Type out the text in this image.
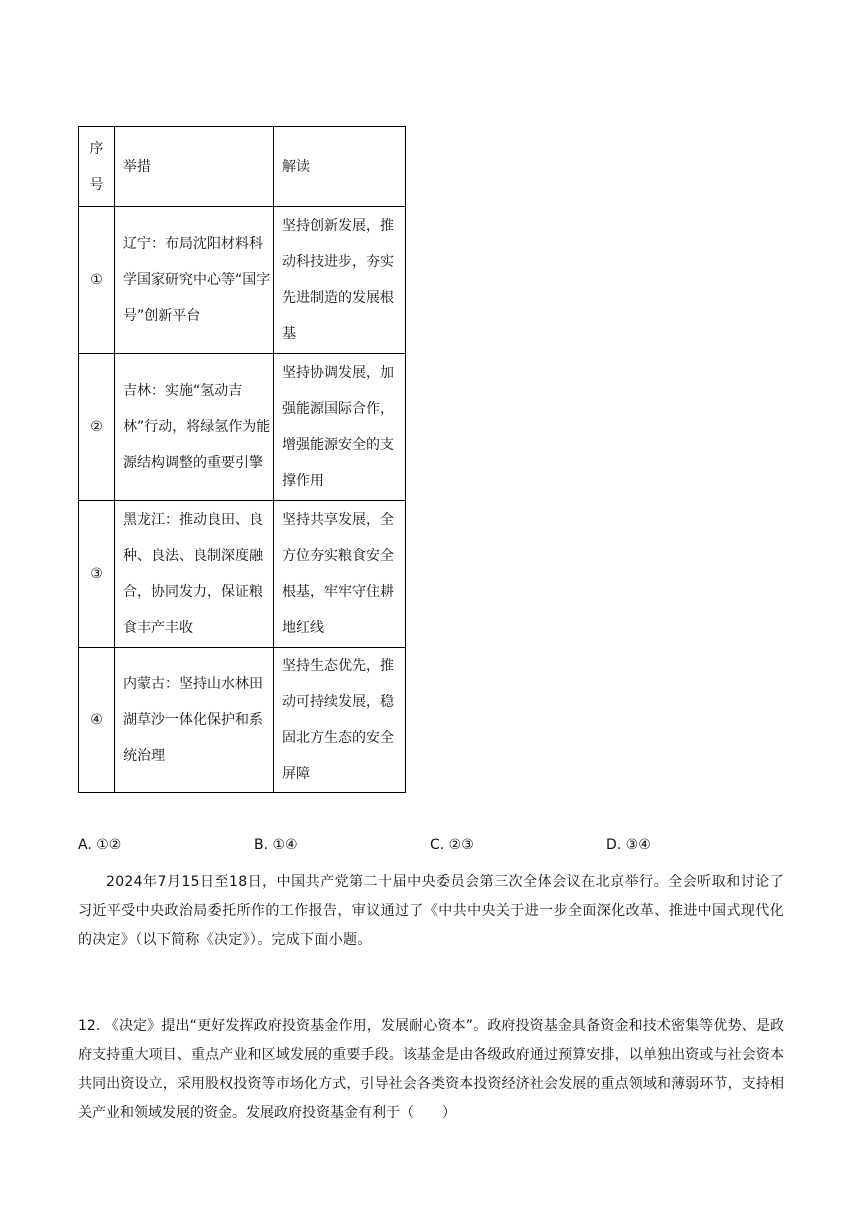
序号	举措	解读
①	辽宁：布局沈阳材料科学国家研究中心等“国字号”创新平台	坚持创新发展，推动科技进步，夯实先进制造的发展根基
②	吉林：实施“氢动吉林”行动，将绿氢作为能源结构调整的重要引擎	坚持协调发展，加强能源国际合作，增强能源安全的支撑作用
③	黑龙江：推动良田、良种、良法、良制深度融合，协同发力，保证粮食丰产丰收	坚持共享发展，全方位夯实粮食安全根基，牢牢守住耕地红线
④	内蒙古：坚持山水林田湖草沙一体化保护和系统治理	坚持生态优先，推动可持续发展，稳固北方生态的安全屏障
A. ①②	B. ①④	C. ②③	D. ③④
2024年7月15日至18日，中国共产党第二十届中央委员会第三次全体会议在北京举行。全会听取和讨论了习近平受中央政治局委托所作的工作报告，审议通过了《中共中央关于进一步全面深化改革、推进中国式现代化的决定》（以下简称《决定》）。完成下面小题。
12. 《决定》提出“更好发挥政府投资基金作用，发展耐心资本”。政府投资基金具备资金和技术密集等优势、是政府支持重大项目、重点产业和区域发展的重要手段。该基金是由各级政府通过预算安排，以单独出资或与社会资本共同出资设立，采用股权投资等市场化方式，引导社会各类资本投资经济社会发展的重点领域和薄弱环节，支持相关产业和领域发展的资金。发展政府投资基金有利于（　　）
